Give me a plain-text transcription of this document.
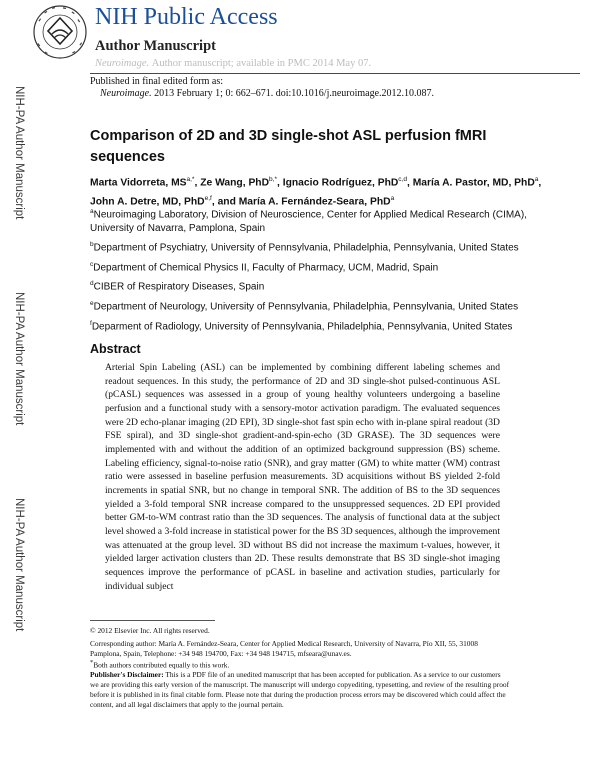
NIH-PA Author Manuscript
NIH-PA Author Manuscript
NIH-PA Author Manuscript
NIH Public Access
Author Manuscript
Neuroimage. Author manuscript; available in PMC 2014 May 07.
Published in final edited form as:
Neuroimage. 2013 February 1; 0: 662–671. doi:10.1016/j.neuroimage.2012.10.087.
Comparison of 2D and 3D single-shot ASL perfusion fMRI sequences
Marta Vidorreta, $MS^{a,*}$, Ze Wang, PhD$^{b,*}$, Ignacio Rodríguez, PhD$^{c,d}$, María A. Pastor, MD, PhD$^a$, John A. Detre, MD, PhD$^{e,f}$, and María A. Fernández-Seara, PhD$^a$
$^a$Neuroimaging Laboratory, Division of Neuroscience, Center for Applied Medical Research (CIMA), University of Navarra, Pamplona, Spain
$^b$Department of Psychiatry, University of Pennsylvania, Philadelphia, Pennsylvania, United States
$^c$Department of Chemical Physics II, Faculty of Pharmacy, UCM, Madrid, Spain
$^d$CIBER of Respiratory Diseases, Spain
$^e$Department of Neurology, University of Pennsylvania, Philadelphia, Pennsylvania, United States
$^f$Deparment of Radiology, University of Pennsylvania, Philadelphia, Pennsylvania, United States
Abstract

Arterial Spin Labeling (ASL) can be implemented by combining different labeling schemes and readout sequences. In this study, the performance of 2D and 3D single-shot pulsed-continuous ASL (pCASL) sequences was assessed in a group of young healthy volunteers undergoing a baseline perfusion and a functional study with a sensory-motor activation paradigm. The evaluated sequences were 2D echo-planar imaging (2D EPI), 3D single-shot fast spin echo with in-plane spiral readout (3D FSE spiral), and 3D single-shot gradient-and-spin-echo (3D GRASE). The 3D sequences were implemented with and without the addition of an optimized background suppression (BS) scheme. Labeling efficiency, signal-to-noise ratio (SNR), and gray matter (GM) to white matter (WM) contrast ratio were assessed in baseline perfusion measurements. 3D acquisitions without BS yielded 2-fold increments in spatial SNR, but no change in temporal SNR. The addition of BS to the 3D sequences yielded a 3-fold temporal SNR increase compared to the unsuppressed sequences. 2D EPI provided better GM-to-WM contrast ratio than the 3D sequences. The analysis of functional data at the subject level showed a 3-fold increase in statistical power for the BS 3D sequences, although the improvement was attenuated at the group level. 3D without BS did not increase the maximum t-values, however, it yielded larger activation clusters than 2D. These results demonstrate that BS 3D single-shot imaging sequences improve the performance of pCASL in baseline and activation studies, particularly for individual subject

© 2012 Elsevier Inc. All rights reserved.
Corresponding author: María A. Fernández-Seara, Center for Applied Medical Research, University of Navarra, Pío XII, 55, 31008 Pamplona, Spain, Telephone: +34 948 194700, Fax: +34 948 194715, mfseara@unav.es.
*Both authors contributed equally to this work.
Publisher's Disclaimer: This is a PDF file of an unedited manuscript that has been accepted for publication. As a service to our customers we are providing this early version of the manuscript. The manuscript will undergo copyediting, typesetting, and review of the resulting proof before it is published in its final citable form. Please note that during the production process errors may be discovered which could affect the content, and all legal disclaimers that apply to the journal pertain.
